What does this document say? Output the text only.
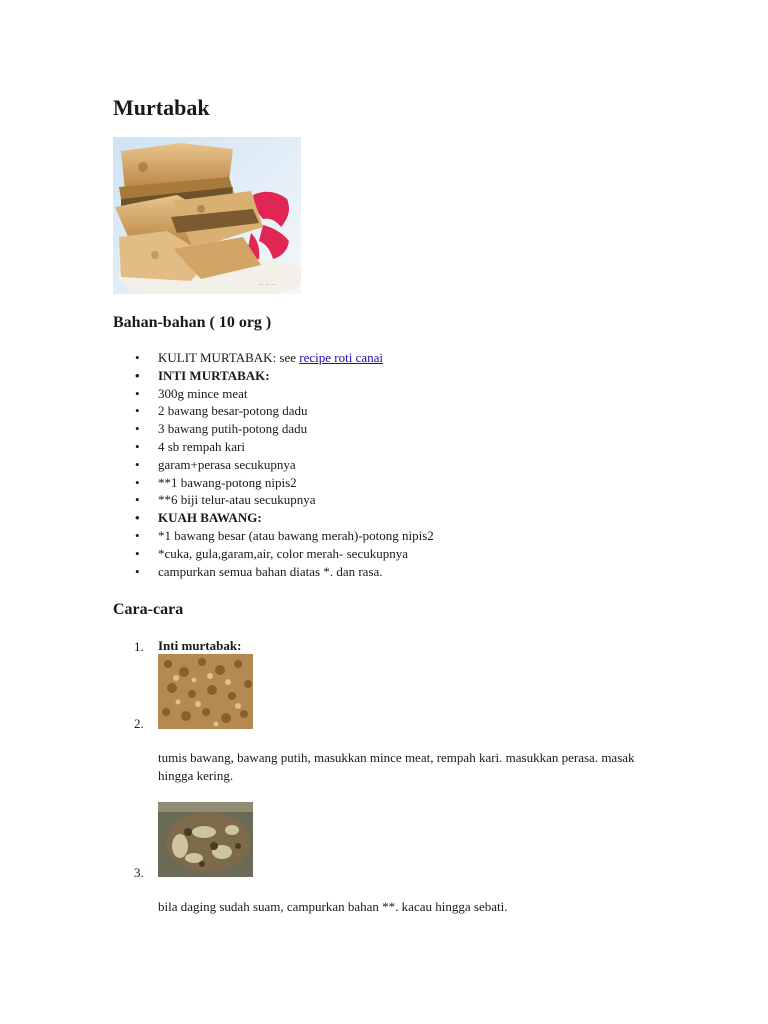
Murtabak
~ ~ ~
Bahan-bahan ( 10 org )
• KULIT MURTABAK: see recipe roti canai
• INTI MURTABAK:
• 300g mince meat
• 2 bawang besar-potong dadu
• 3 bawang putih-potong dadu
• 4 sb rempah kari
• garam+perasa secukupnya
• **1 bawang-potong nipis2
• **6 biji telur-atau secukupnya
• KUAH BAWANG:
• *1 bawang besar (atau bawang merah)-potong nipis2
• *cuka, gula,garam,air, color merah- secukupnya
• campurkan semua bahan diatas *. dan rasa.
Cara-cara
1. Inti murtabak:
2.

tumis bawang, bawang putih, masukkan mince meat, rempah kari. masukkan perasa. masak hingga kering.

3.

bila daging sudah suam, campurkan bahan **. kacau hingga sebati.
